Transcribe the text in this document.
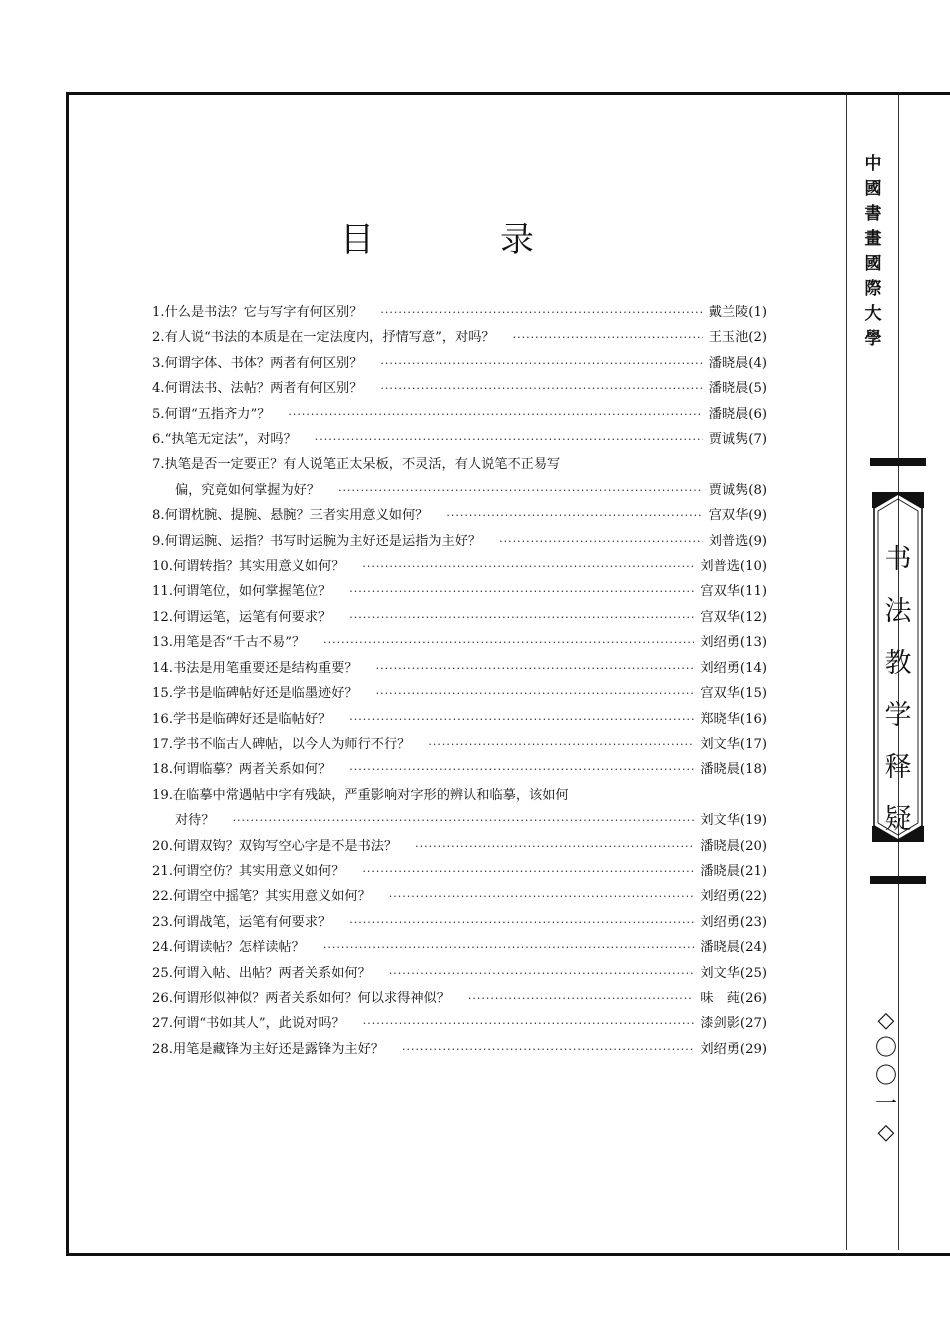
目　录
1. 什么是书法？它与写字有何区别？ ·····	戴兰陵(1)
2. 有人说“书法的本质是在一定法度内，抒情写意”，对吗？ ·····	王玉池(2)
3. 何谓字体、书体？两者有何区别？ ·····	潘晓晨(4)
4. 何谓法书、法帖？两者有何区别？ ·····	潘晓晨(5)
5. 何谓“五指齐力”？ ·····	潘晓晨(6)
6. “执笔无定法”，对吗？ ·····	贾诚隽(7)
7. 执笔是否一定要正？有人说笔正太呆板，不灵活，有人说笔不正易写
偏，究竟如何掌握为好？ ·····	贾诚隽(8)
8. 何谓枕腕、提腕、悬腕？三者实用意义如何？ ·····	宫双华(9)
9. 何谓运腕、运指？书写时运腕为主好还是运指为主好？ ·····	刘普选(9)
10. 何谓转指？其实用意义如何？ ·····	刘普选(10)
11. 何谓笔位，如何掌握笔位？ ·····	宫双华(11)
12. 何谓运笔，运笔有何要求？ ·····	宫双华(12)
13. 用笔是否“千古不易”？ ·····	刘绍勇(13)
14. 书法是用笔重要还是结构重要？ ·····	刘绍勇(14)
15. 学书是临碑帖好还是临墨迹好？ ·····	宫双华(15)
16. 学书是临碑好还是临帖好？ ·····	郑晓华(16)
17. 学书不临古人碑帖，以今人为师行不行？ ·····	刘文华(17)
18. 何谓临摹？两者关系如何？ ·····	潘晓晨(18)
19. 在临摹中常遇帖中字有残缺，严重影响对字形的辨认和临摹，该如何
对待？ ·····	刘文华(19)
20. 何谓双钩？双钩写空心字是不是书法？ ·····	潘晓晨(20)
21. 何谓空仿？其实用意义如何？ ·····	潘晓晨(21)
22. 何谓空中摇笔？其实用意义如何？ ·····	刘绍勇(22)
23. 何谓战笔，运笔有何要求？ ·····	刘绍勇(23)
24. 何谓读帖？怎样读帖？ ·····	潘晓晨(24)
25. 何谓入帖、出帖？两者关系如何？ ·····	刘文华(25)
26. 何谓形似神似？两者关系如何？何以求得神似？ ·····	味　莼(26)
27. 何谓“书如其人”，此说对吗？ ·····	漆剑影(27)
28. 用笔是藏锋为主好还是露锋为主好？ ·····	刘绍勇(29)
中
國
書
畫
國
際
大
學
书
法
教
学
释
疑
◇
〇
〇
一
◇
